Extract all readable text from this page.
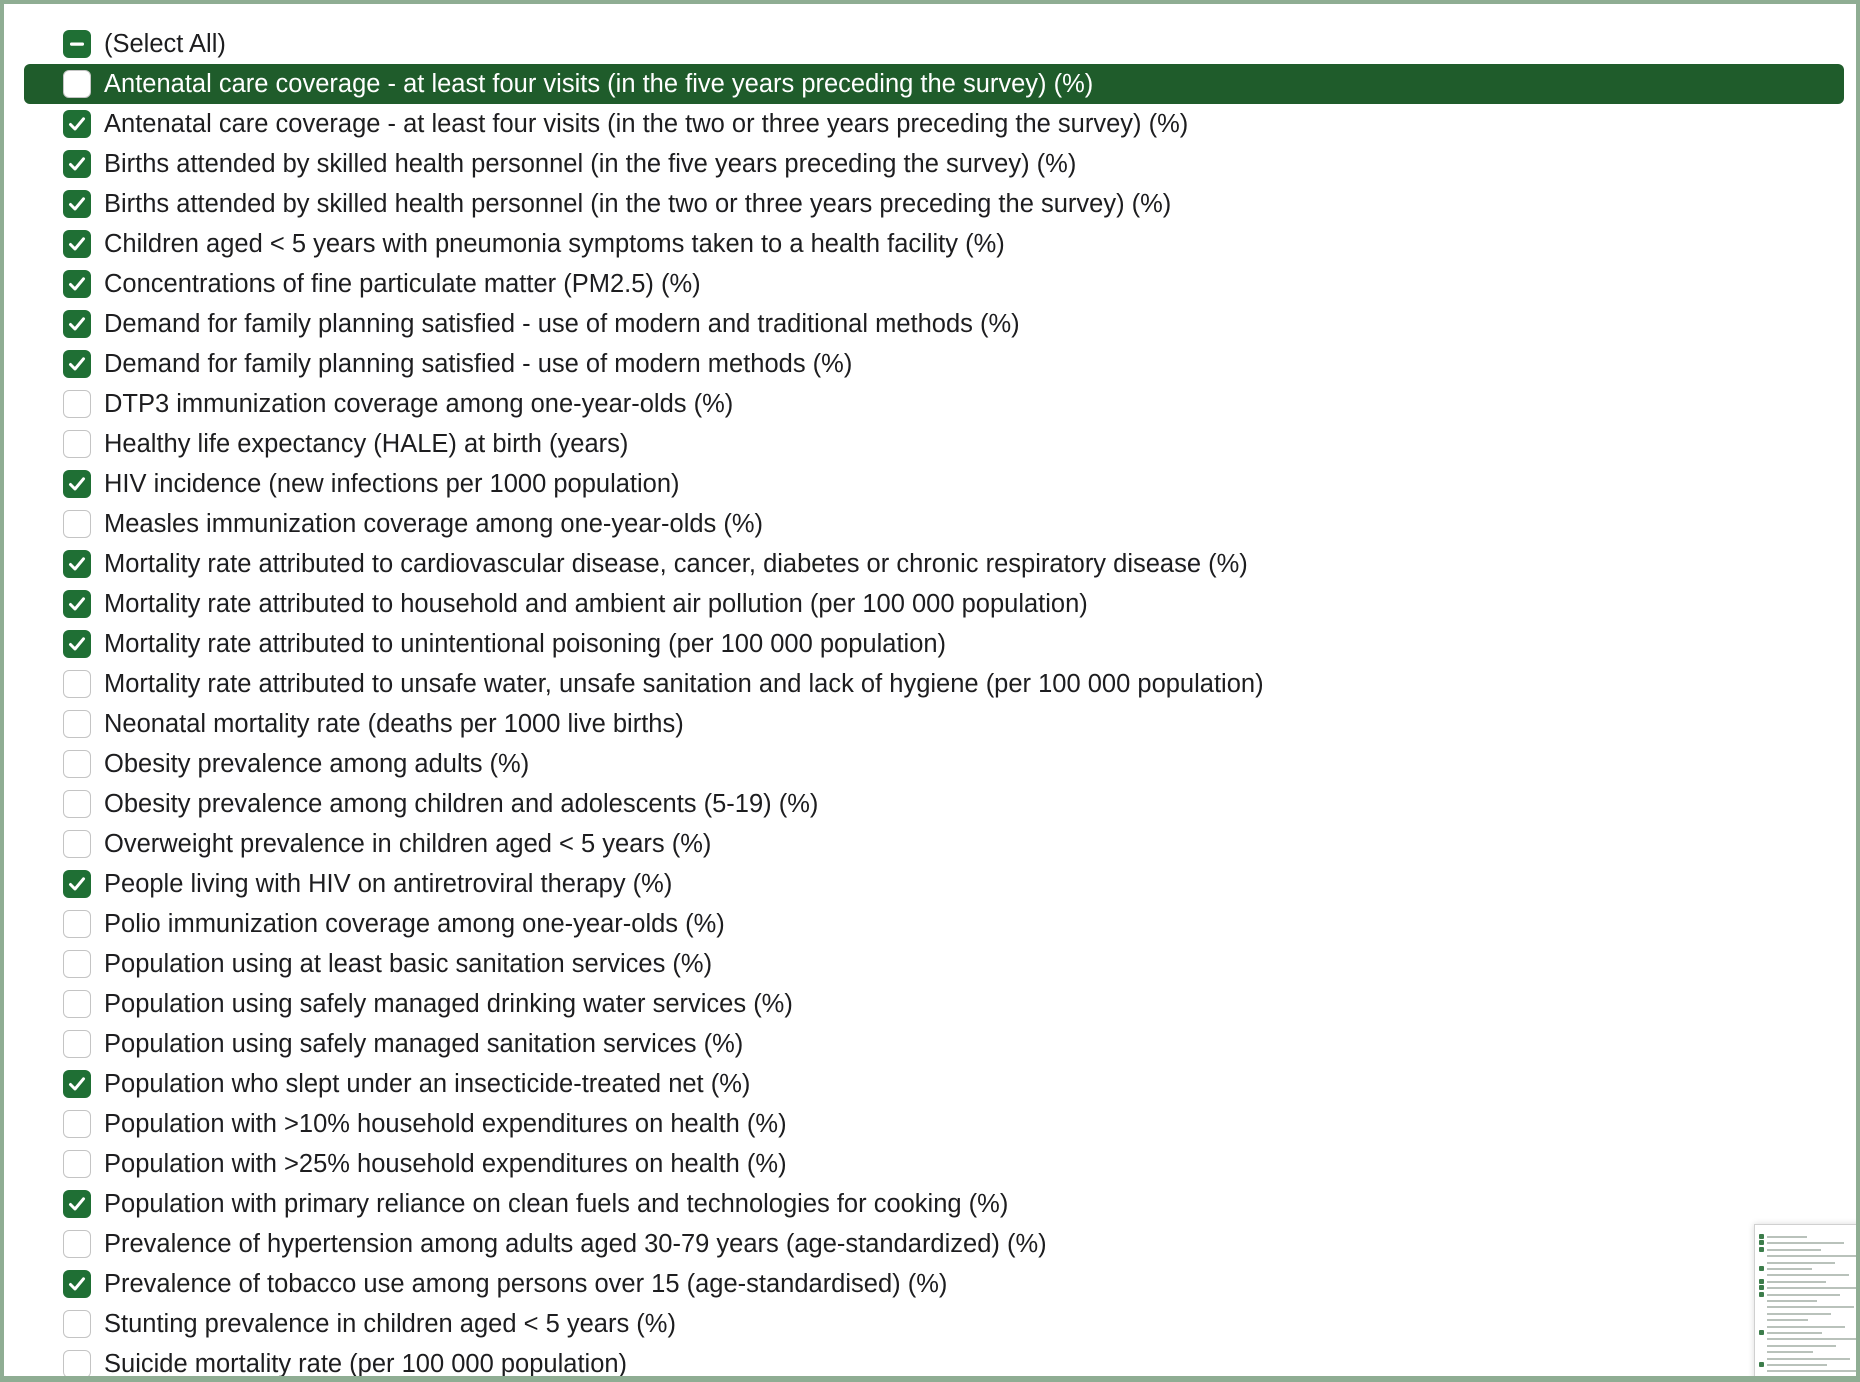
(Select All)
Antenatal care coverage - at least four visits (in the five years preceding the survey) (%)
Antenatal care coverage - at least four visits (in the two or three years preceding the survey) (%)
Births attended by skilled health personnel (in the five years preceding the survey) (%)
Births attended by skilled health personnel (in the two or three years preceding the survey) (%)
Children aged < 5 years with pneumonia symptoms taken to a health facility (%)
Concentrations of fine particulate matter (PM2.5) (%)
Demand for family planning satisfied - use of modern and traditional methods (%)
Demand for family planning satisfied - use of modern methods (%)
DTP3 immunization coverage among one-year-olds (%)
Healthy life expectancy (HALE) at birth (years)
HIV incidence (new infections per 1000 population)
Measles immunization coverage among one-year-olds (%)
Mortality rate attributed to cardiovascular disease, cancer, diabetes or chronic respiratory disease (%)
Mortality rate attributed to household and ambient air pollution (per 100 000 population)
Mortality rate attributed to unintentional poisoning (per 100 000 population)
Mortality rate attributed to unsafe water, unsafe sanitation and lack of hygiene (per 100 000 population)
Neonatal mortality rate (deaths per 1000 live births)
Obesity prevalence among adults (%)
Obesity prevalence among children and adolescents (5-19) (%)
Overweight prevalence in children aged < 5 years (%)
People living with HIV on antiretroviral therapy (%)
Polio immunization coverage among one-year-olds (%)
Population using at least basic sanitation services (%)
Population using safely managed drinking water services (%)
Population using safely managed sanitation services (%)
Population who slept under an insecticide-treated net (%)
Population with >10% household expenditures on health (%)
Population with >25% household expenditures on health (%)
Population with primary reliance on clean fuels and technologies for cooking (%)
Prevalence of hypertension among adults aged 30-79 years (age-standardized) (%)
Prevalence of tobacco use among persons over 15 (age-standardised) (%)
Stunting prevalence in children aged < 5 years (%)
Suicide mortality rate (per 100 000 population)
